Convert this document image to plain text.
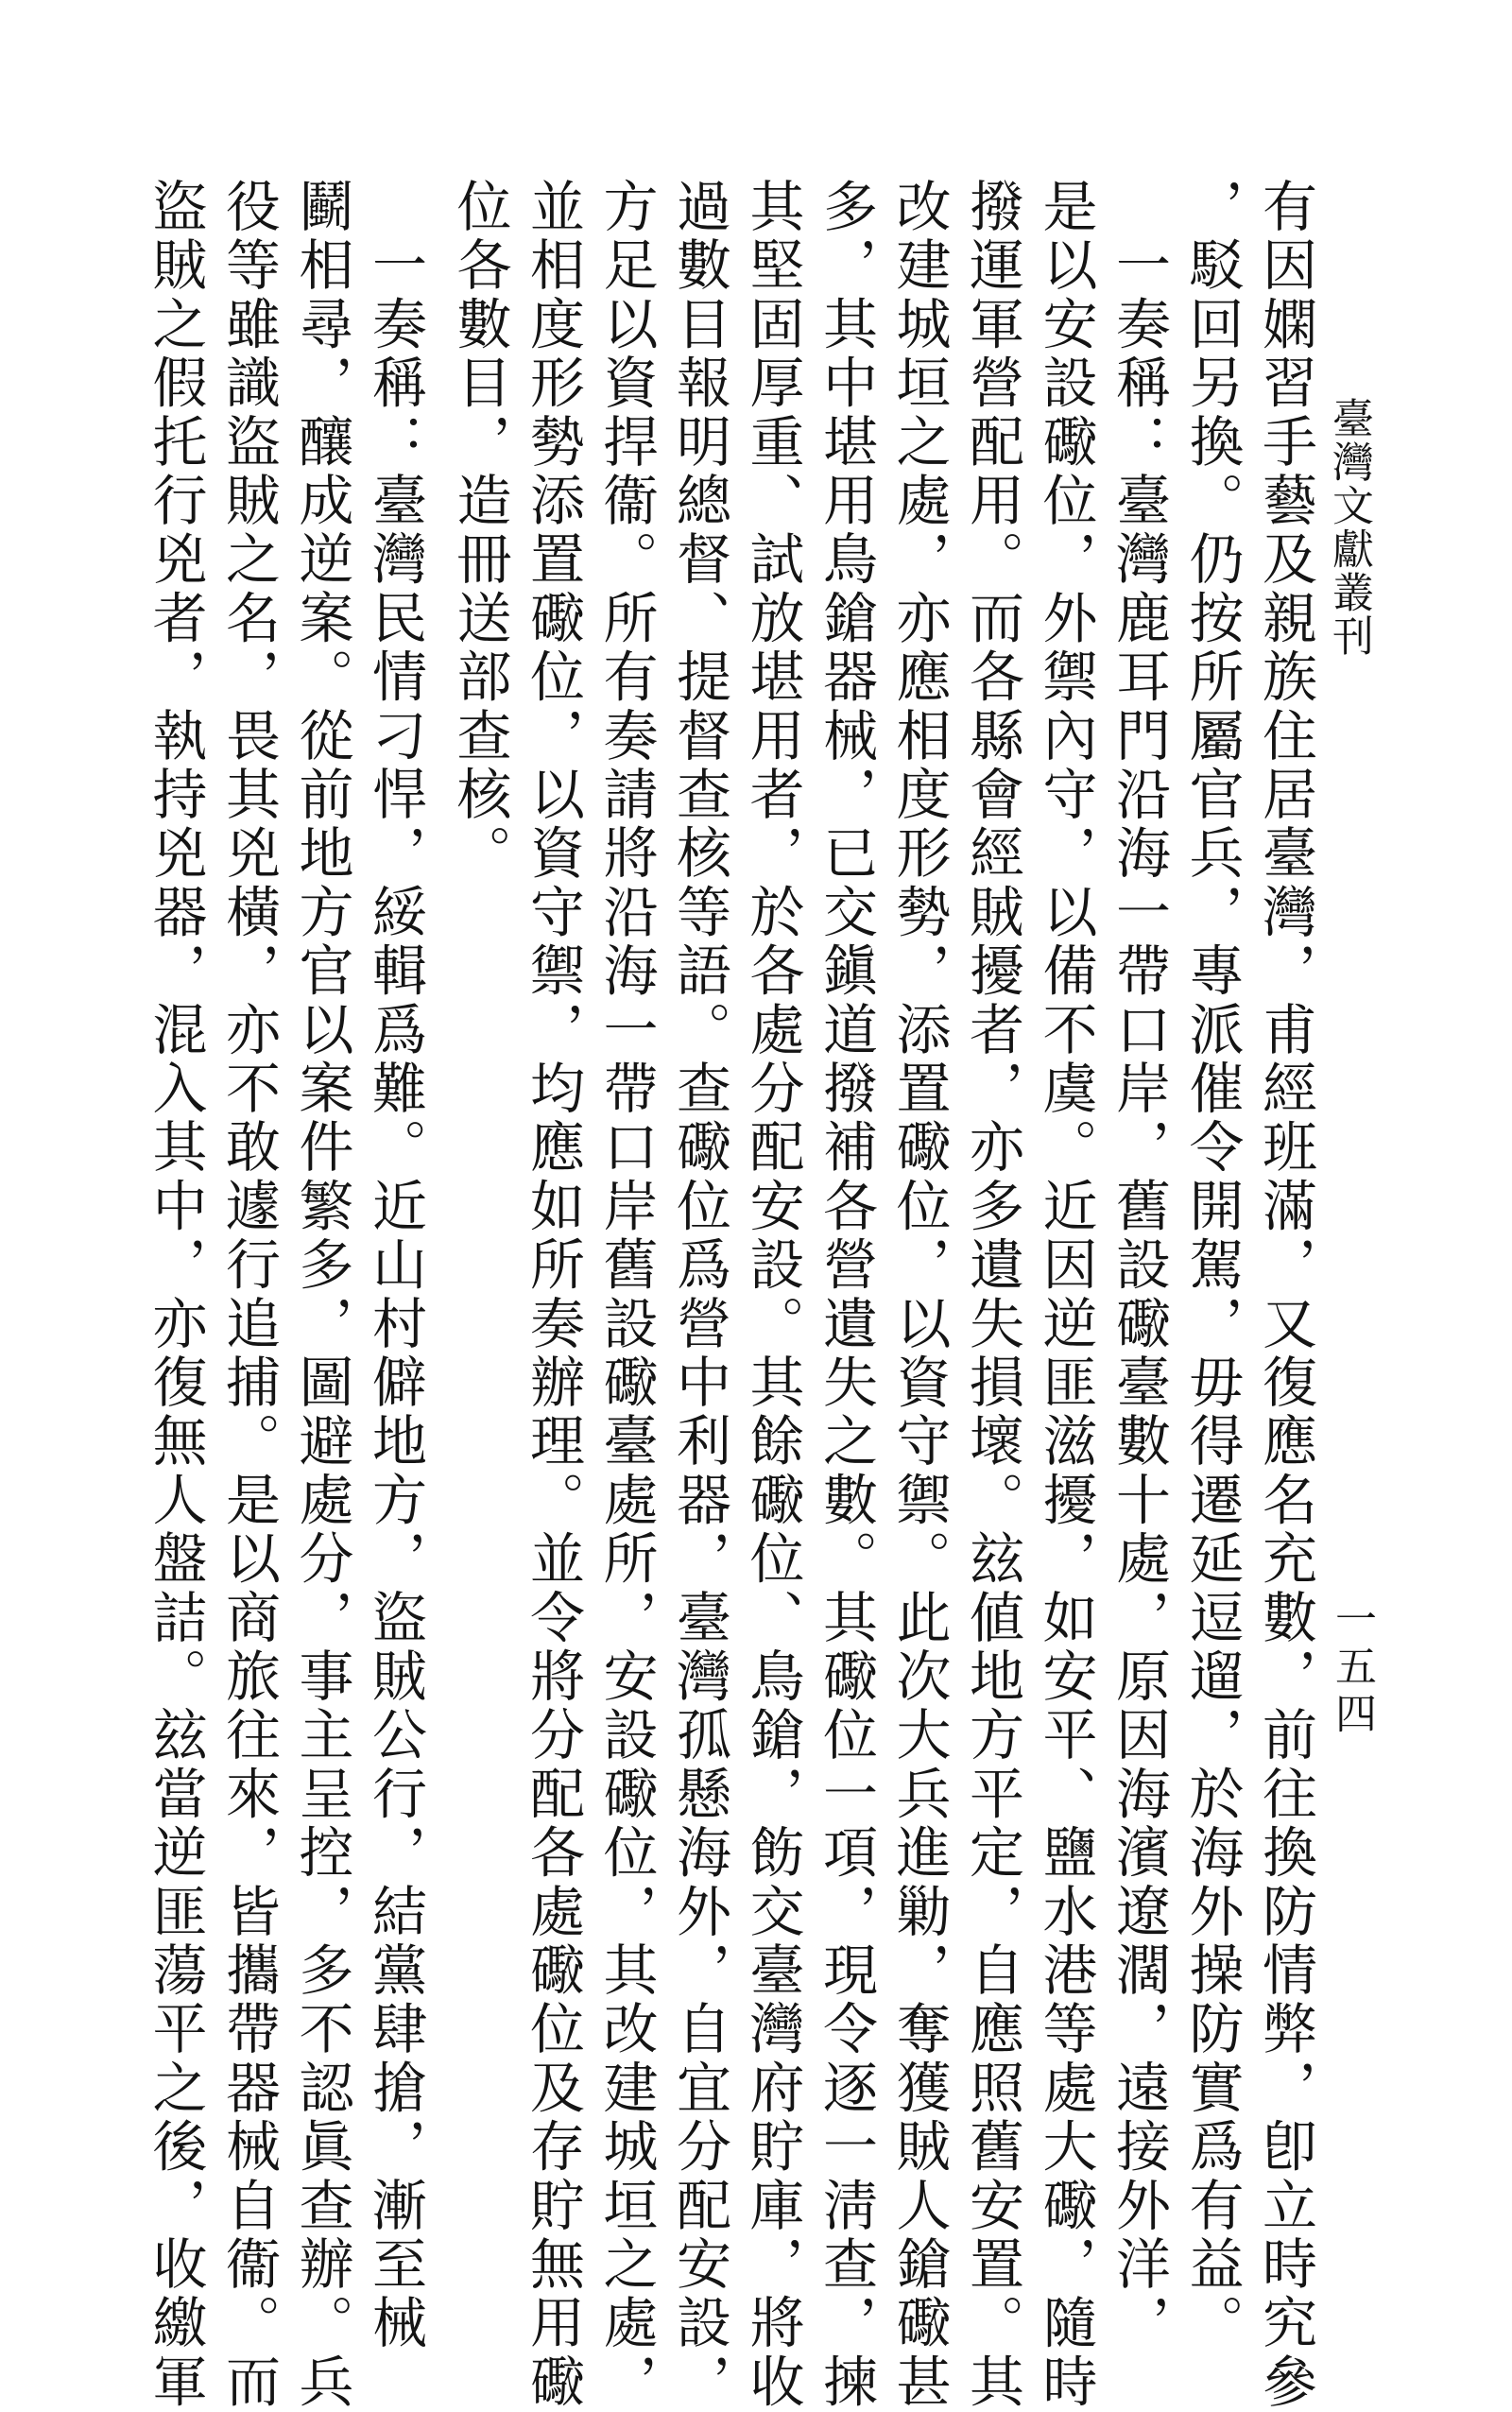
臺灣文獻叢刊
一五四
有因嫻習手藝及親族住居臺灣，甫經班滿，又復應名充數，前往換防情弊，卽立時究參
，駁回另換。仍按所屬官兵，專派催令開駕，毋得遷延逗遛，於海外操防實爲有益。
　一奏稱：臺灣鹿耳門沿海一帶口岸，舊設礮臺數十處，原因海濱遼濶，遠接外洋，
是以安設礮位，外禦內守，以備不虞。近因逆匪滋擾，如安平、鹽水港等處大礮，隨時
撥運軍營配用。而各縣會經賊擾者，亦多遺失損壞。玆値地方平定，自應照舊安置。其
改建城垣之處，亦應相度形勢，添置礮位，以資守禦。此次大兵進勦，奪獲賊人鎗礮甚
多，其中堪用鳥鎗器械，已交鎭道撥補各營遺失之數。其礮位一項，現令逐一淸查，揀
其堅固厚重、試放堪用者，於各處分配安設。其餘礮位、鳥鎗，飭交臺灣府貯庫，將收
過數目報明總督、提督查核等語。查礮位爲營中利器，臺灣孤懸海外，自宜分配安設，
方足以資捍衞。所有奏請將沿海一帶口岸舊設礮臺處所，安設礮位，其改建城垣之處，
並相度形勢添置礮位，以資守禦，均應如所奏辦理。並令將分配各處礮位及存貯無用礮
位各數目，造冊送部查核。
　一奏稱：臺灣民情刁悍，綏輯爲難。近山村僻地方，盜賊公行，結黨肆搶，漸至械
鬬相尋，釀成逆案。從前地方官以案件繁多，圖避處分，事主呈控，多不認眞查辦。兵
役等雖識盜賊之名，畏其兇橫，亦不敢遽行追捕。是以商旅往來，皆攜帶器械自衞。而
盜賊之假托行兇者，執持兇器，混入其中，亦復無人盤詰。玆當逆匪蕩平之後，收繳軍
